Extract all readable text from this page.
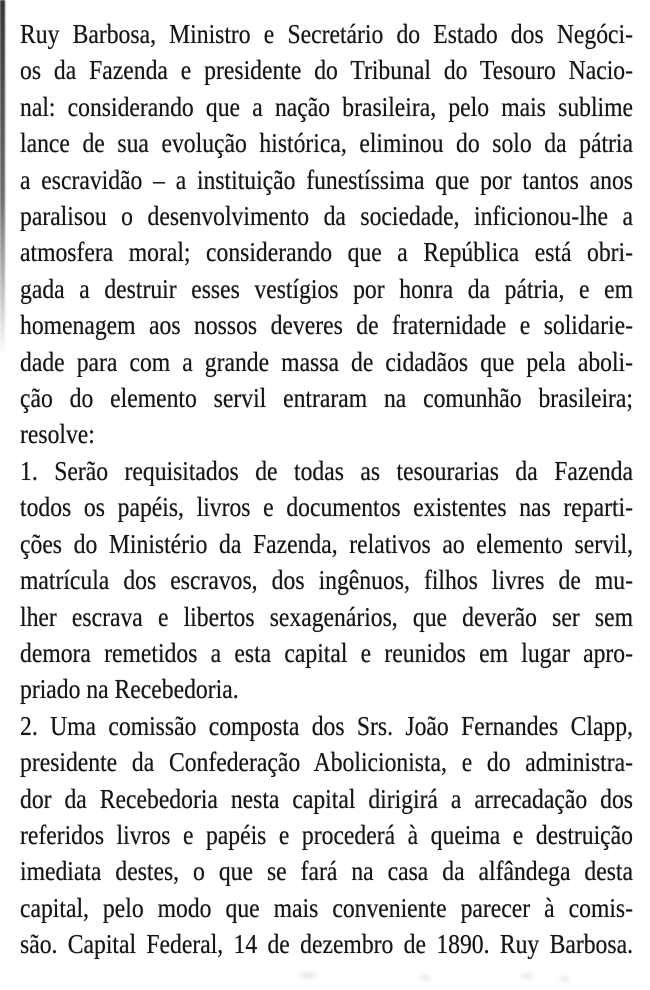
Ruy Barbosa, Ministro e Secretário do Estado dos Negóci-
os da Fazenda e presidente do Tribunal do Tesouro Nacio-
nal: considerando que a nação brasileira, pelo mais sublime
lance de sua evolução histórica, eliminou do solo da pátria
a escravidão – a instituição funestíssima que por tantos anos
paralisou o desenvolvimento da sociedade, inficionou-lhe a
atmosfera moral; considerando que a República está obri-
gada a destruir esses vestígios por honra da pátria, e em
homenagem aos nossos deveres de fraternidade e solidarie-
dade para com a grande massa de cidadãos que pela aboli-
ção do elemento servil entraram na comunhão brasileira;
resolve:
1. Serão requisitados de todas as tesourarias da Fazenda
todos os papéis, livros e documentos existentes nas reparti-
ções do Ministério da Fazenda, relativos ao elemento servil,
matrícula dos escravos, dos ingênuos, filhos livres de mu-
lher escrava e libertos sexagenários, que deverão ser sem
demora remetidos a esta capital e reunidos em lugar apro-
priado na Recebedoria.
2. Uma comissão composta dos Srs. João Fernandes Clapp,
presidente da Confederação Abolicionista, e do administra-
dor da Recebedoria nesta capital dirigirá a arrecadação dos
referidos livros e papéis e procederá à queima e destruição
imediata destes, o que se fará na casa da alfândega desta
capital, pelo modo que mais conveniente parecer à comis-
são. Capital Federal, 14 de dezembro de 1890. Ruy Barbosa.
